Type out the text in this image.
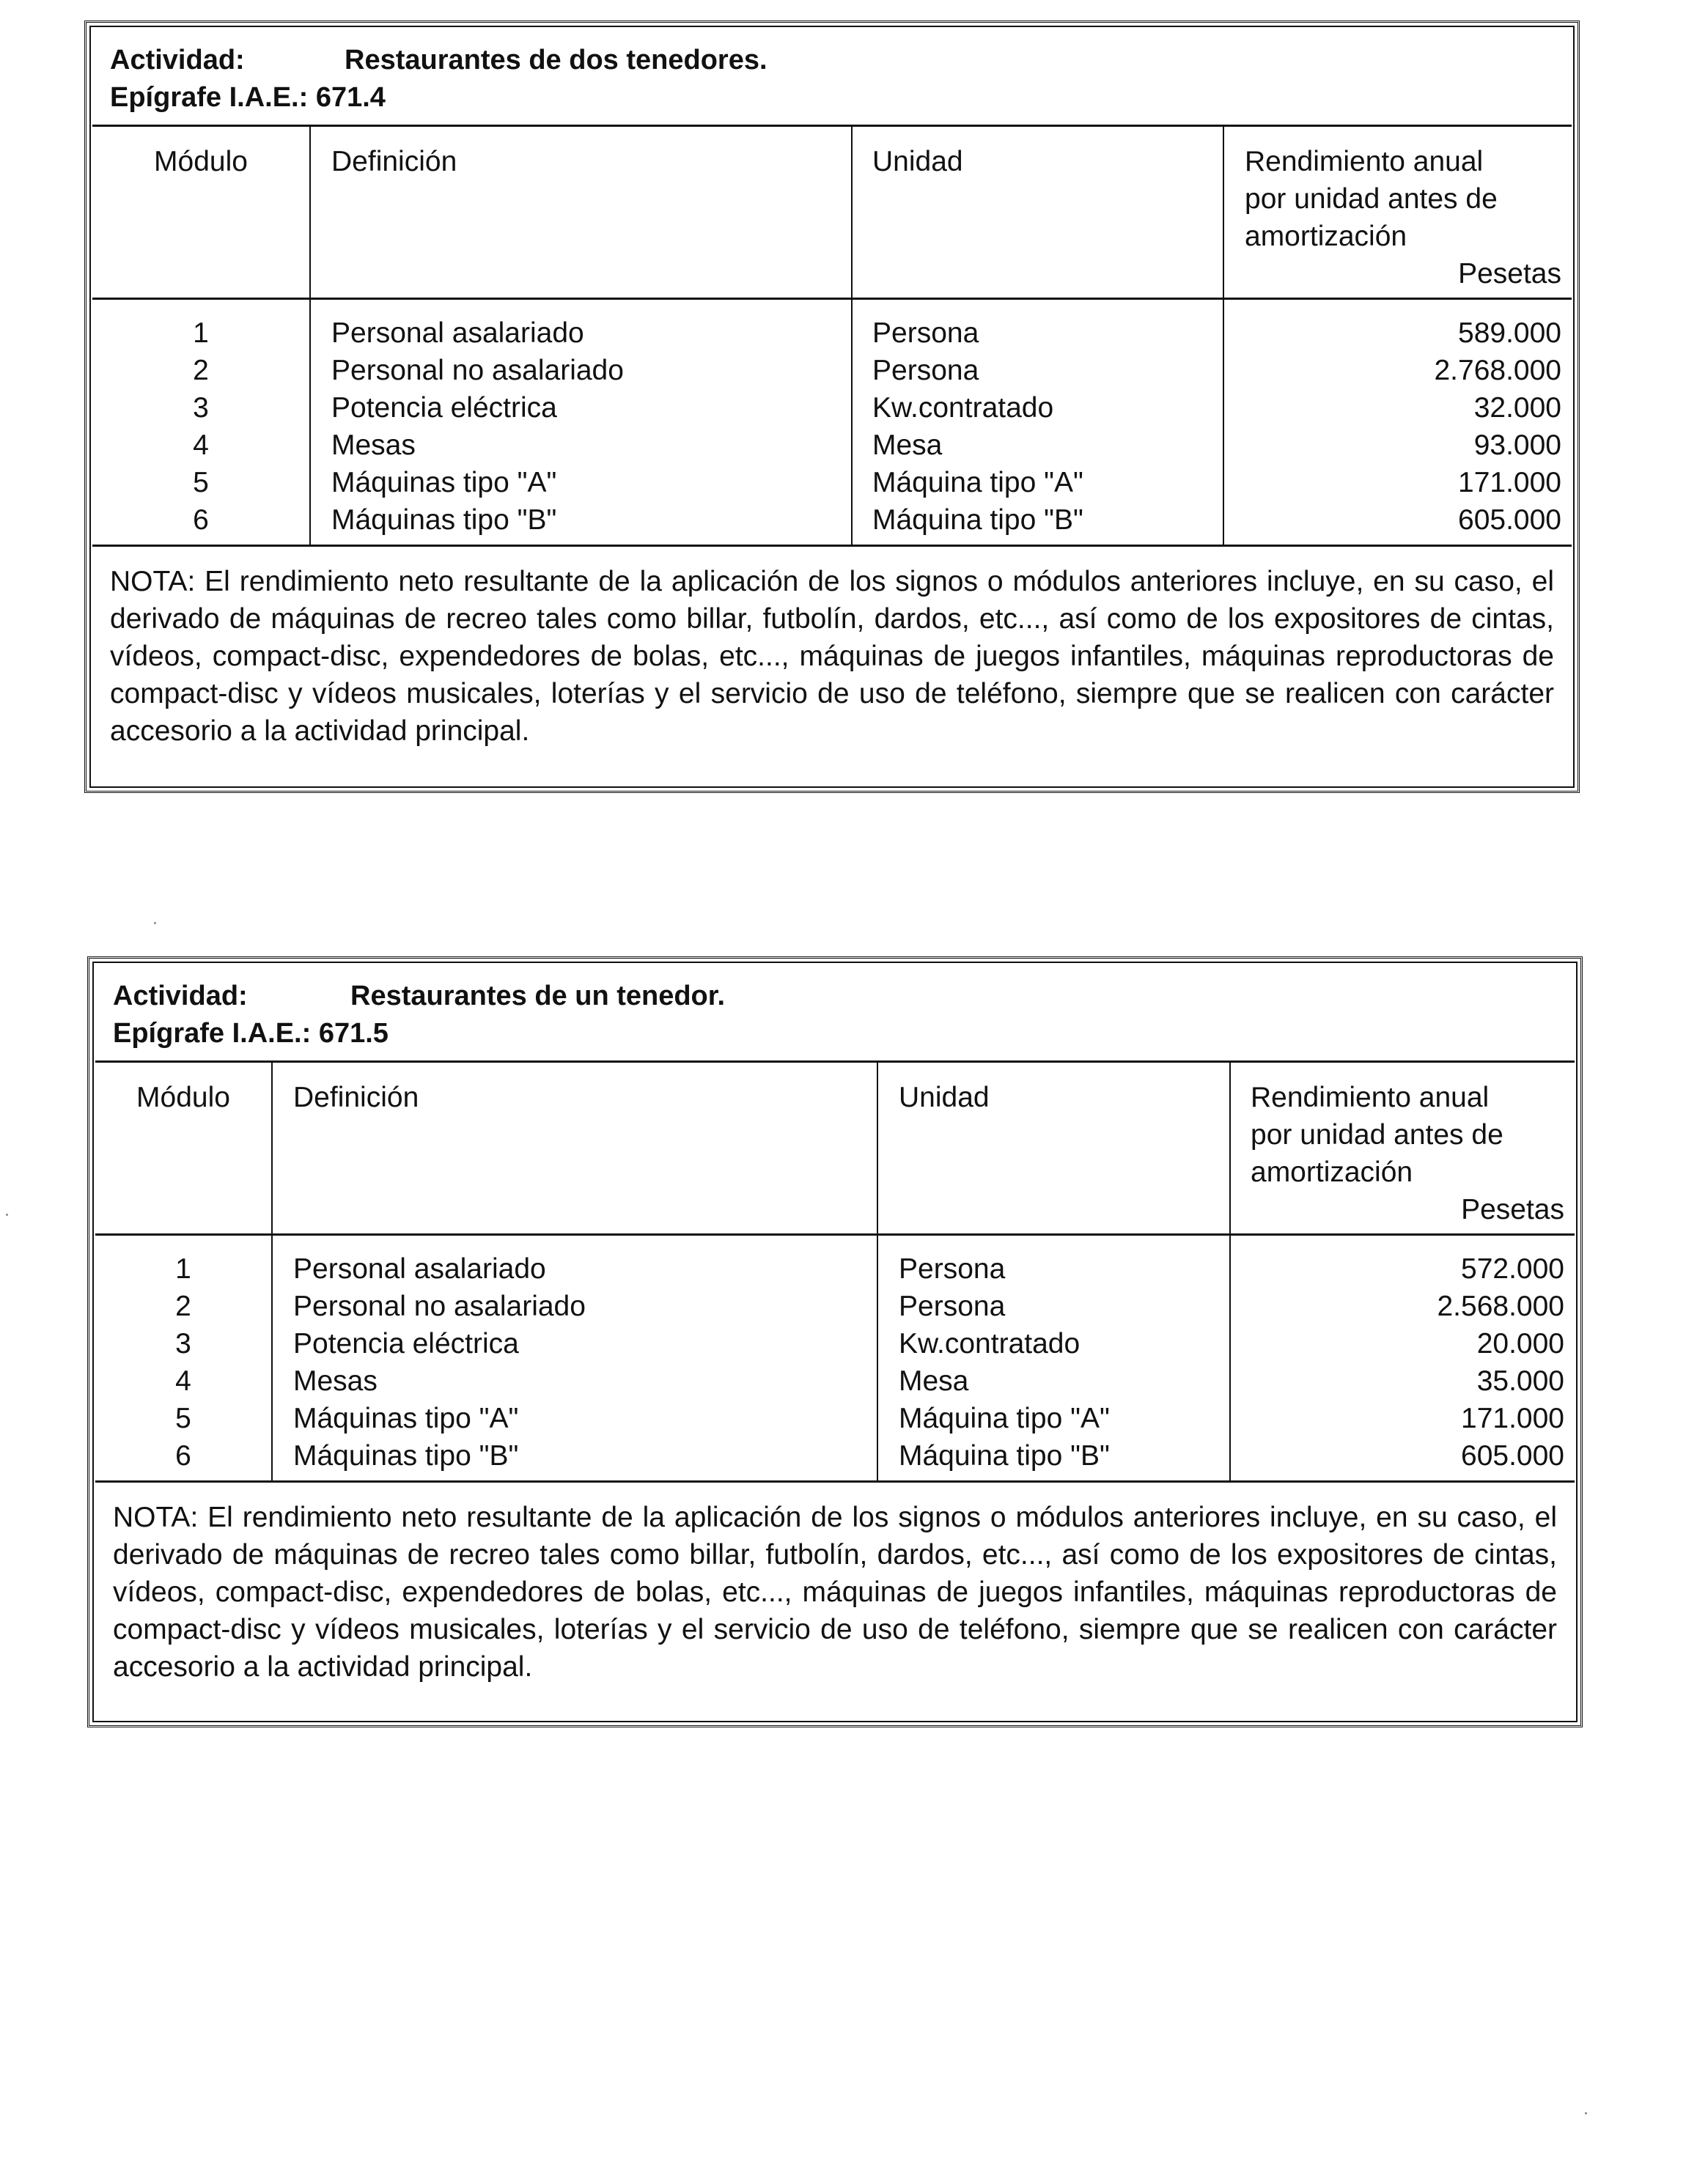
Actividad:	Restaurantes de dos tenedores.
Epígrafe I.A.E.: 671.4
Módulo	Definición	Unidad	Rendimiento anual
por unidad antes de
amortización
Pesetas
1	Personal asalariado	Persona	589.000
2	Personal no asalariado	Persona	2.768.000
3	Potencia eléctrica	Kw.contratado	32.000
4	Mesas	Mesa	93.000
5	Máquinas tipo "A"	Máquina tipo "A"	171.000
6	Máquinas tipo "B"	Máquina tipo "B"	605.000
NOTA: El rendimiento neto resultante de la aplicación de los signos o módulos anteriores incluye, en su caso, el derivado de máquinas de recreo tales como billar, futbolín, dardos, etc..., así como de los expositores de cintas, vídeos, compact-disc, expendedores de bolas, etc..., máquinas de juegos infantiles, máquinas reproductoras de compact-disc y vídeos musicales, loterías y el servicio de uso de teléfono, siempre que se realicen con carácter accesorio a la actividad principal.
Actividad:	Restaurantes de un tenedor.
Epígrafe I.A.E.: 671.5
Módulo	Definición	Unidad	Rendimiento anual
por unidad antes de
amortización
Pesetas
1	Personal asalariado	Persona	572.000
2	Personal no asalariado	Persona	2.568.000
3	Potencia eléctrica	Kw.contratado	20.000
4	Mesas	Mesa	35.000
5	Máquinas tipo "A"	Máquina tipo "A"	171.000
6	Máquinas tipo "B"	Máquina tipo "B"	605.000
NOTA: El rendimiento neto resultante de la aplicación de los signos o módulos anteriores incluye, en su caso, el derivado de máquinas de recreo tales como billar, futbolín, dardos, etc..., así como de los expositores de cintas, vídeos, compact-disc, expendedores de bolas, etc..., máquinas de juegos infantiles, máquinas reproductoras de compact-disc y vídeos musicales, loterías y el servicio de uso de teléfono, siempre que se realicen con carácter accesorio a la actividad principal.
